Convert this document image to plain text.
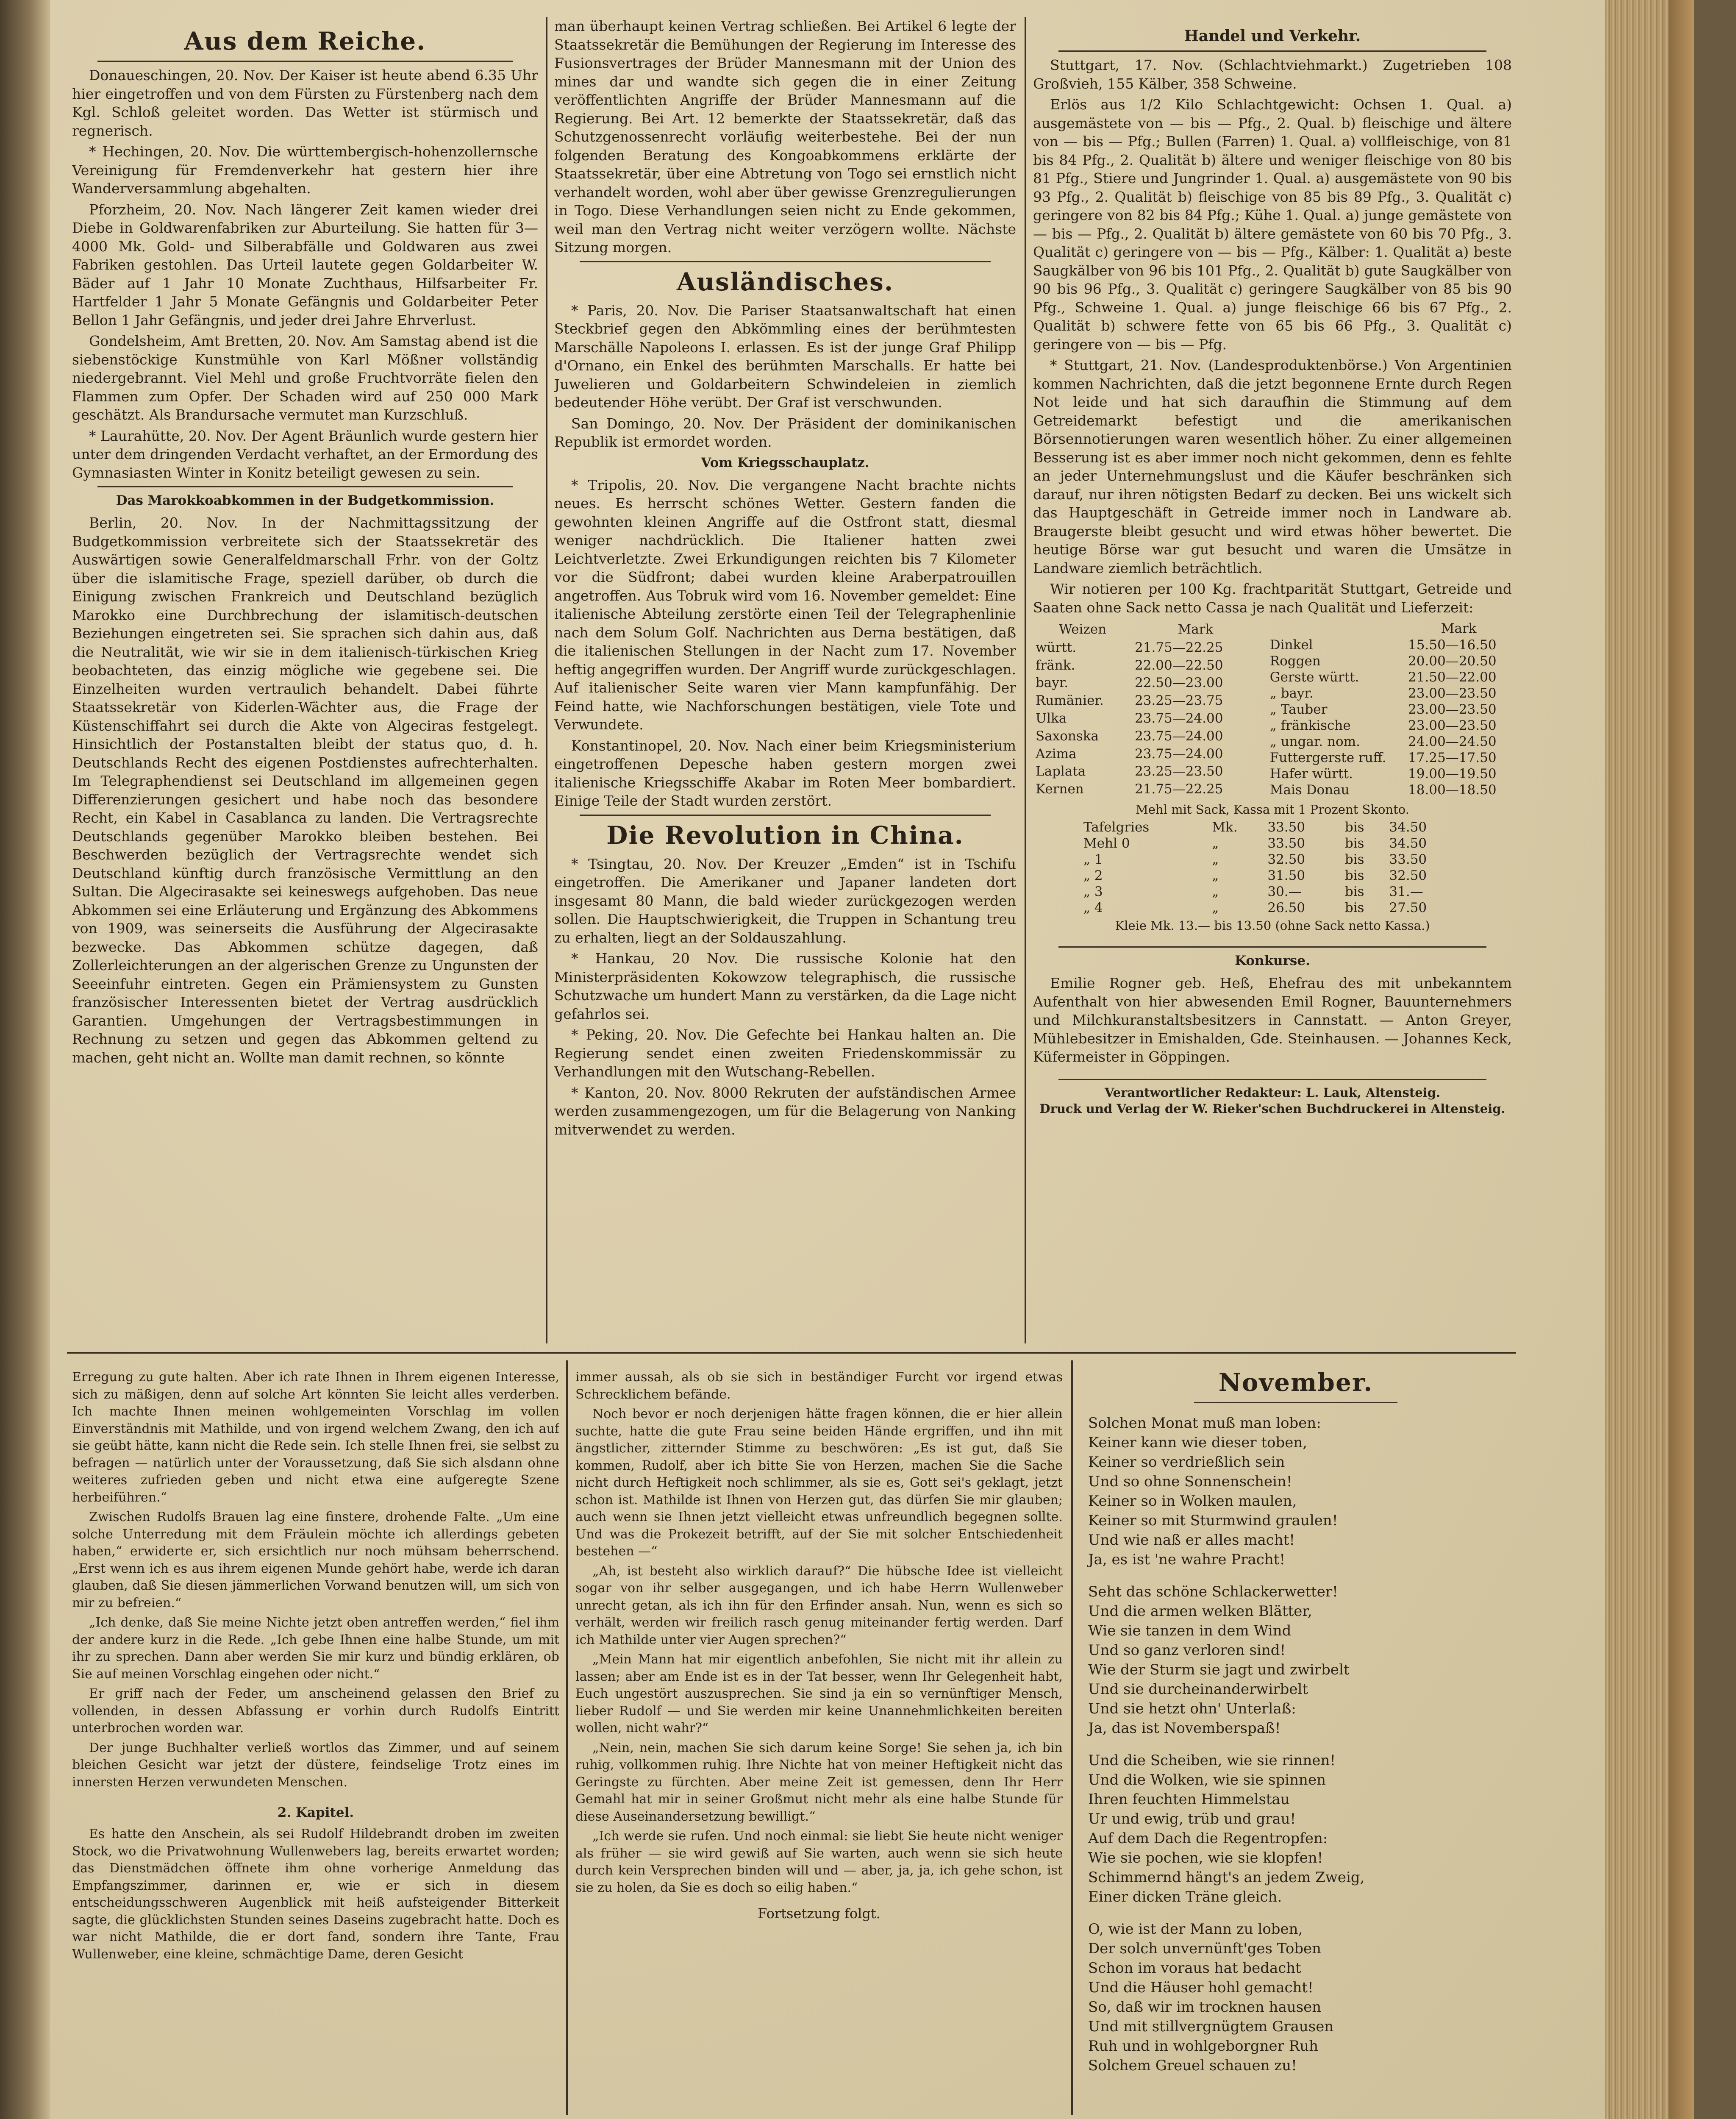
Aus dem Reiche.

Donaueschingen, 20. Nov. Der Kaiser ist heute abend 6.35 Uhr hier eingetroffen und von dem Fürsten zu Fürstenberg nach dem Kgl. Schloß geleitet worden. Das Wetter ist stürmisch und regnerisch.

* Hechingen, 20. Nov. Die württembergisch-hohenzollernsche Vereinigung für Fremdenverkehr hat gestern hier ihre Wanderversammlung abgehalten.

Pforzheim, 20. Nov. Nach längerer Zeit kamen wieder drei Diebe in Goldwarenfabriken zur Aburteilung. Sie hatten für 3—4000 Mk. Gold- und Silberabfälle und Goldwaren aus zwei Fabriken gestohlen. Das Urteil lautete gegen Goldarbeiter W. Bäder auf 1 Jahr 10 Monate Zuchthaus, Hilfsarbeiter Fr. Hartfelder 1 Jahr 5 Monate Gefängnis und Goldarbeiter Peter Bellon 1 Jahr Gefängnis, und jeder drei Jahre Ehrverlust.

Gondelsheim, Amt Bretten, 20. Nov. Am Samstag abend ist die siebenstöckige Kunstmühle von Karl Mößner vollständig niedergebrannt. Viel Mehl und große Fruchtvorräte fielen den Flammen zum Opfer. Der Schaden wird auf 250 000 Mark geschätzt. Als Brandursache vermutet man Kurzschluß.

* Laurahütte, 20. Nov. Der Agent Bräunlich wurde gestern hier unter dem dringenden Verdacht verhaftet, an der Ermordung des Gymnasiasten Winter in Konitz beteiligt gewesen zu sein.

Das Marokkoabkommen in der Budgetkommission.

Berlin, 20. Nov. In der Nachmittagssitzung der Budgetkommission verbreitete sich der Staatssekretär des Auswärtigen sowie Generalfeldmarschall Frhr. von der Goltz über die islamitische Frage, speziell darüber, ob durch die Einigung zwischen Frankreich und Deutschland bezüglich Marokko eine Durchbrechung der islamitisch-deutschen Beziehungen eingetreten sei. Sie sprachen sich dahin aus, daß die Neutralität, wie wir sie in dem italienisch-türkischen Krieg beobachteten, das einzig mögliche wie gegebene sei. Die Einzelheiten wurden vertraulich behandelt. Dabei führte Staatssekretär von Kiderlen-Wächter aus, die Frage der Küstenschiffahrt sei durch die Akte von Algeciras festgelegt. Hinsichtlich der Postanstalten bleibt der status quo, d. h. Deutschlands Recht des eigenen Postdienstes aufrechterhalten. Im Telegraphendienst sei Deutschland im allgemeinen gegen Differenzierungen gesichert und habe noch das besondere Recht, ein Kabel in Casablanca zu landen. Die Vertragsrechte Deutschlands gegenüber Marokko bleiben bestehen. Bei Beschwerden bezüglich der Vertragsrechte wendet sich Deutschland künftig durch französische Vermittlung an den Sultan. Die Algecirasakte sei keineswegs aufgehoben. Das neue Abkommen sei eine Erläuterung und Ergänzung des Abkommens von 1909, was seinerseits die Ausführung der Algecirasakte bezwecke. Das Abkommen schütze dagegen, daß Zollerleichterungen an der algerischen Grenze zu Ungunsten der Seeeinfuhr eintreten. Gegen ein Prämiensystem zu Gunsten französischer Interessenten bietet der Vertrag ausdrücklich Garantien. Umgehungen der Vertragsbestimmungen in Rechnung zu setzen und gegen das Abkommen geltend zu machen, geht nicht an. Wollte man damit rechnen, so könnte

man überhaupt keinen Vertrag schließen. Bei Artikel 6 legte der Staatssekretär die Bemühungen der Regierung im Interesse des Fusionsvertrages der Brüder Mannesmann mit der Union des mines dar und wandte sich gegen die in einer Zeitung veröffentlichten Angriffe der Brüder Mannesmann auf die Regierung. Bei Art. 12 bemerkte der Staatssekretär, daß das Schutzgenossenrecht vorläufig weiterbestehe. Bei der nun folgenden Beratung des Kongoabkommens erklärte der Staatssekretär, über eine Abtretung von Togo sei ernstlich nicht verhandelt worden, wohl aber über gewisse Grenzregulierungen in Togo. Diese Verhandlungen seien nicht zu Ende gekommen, weil man den Vertrag nicht weiter verzögern wollte. Nächste Sitzung morgen.

Ausländisches.

* Paris, 20. Nov. Die Pariser Staatsanwaltschaft hat einen Steckbrief gegen den Abkömmling eines der berühmtesten Marschälle Napoleons I. erlassen. Es ist der junge Graf Philipp d'Ornano, ein Enkel des berühmten Marschalls. Er hatte bei Juwelieren und Goldarbeitern Schwindeleien in ziemlich bedeutender Höhe verübt. Der Graf ist verschwunden.

San Domingo, 20. Nov. Der Präsident der dominikanischen Republik ist ermordet worden.

Vom Kriegsschauplatz.

* Tripolis, 20. Nov. Die vergangene Nacht brachte nichts neues. Es herrscht schönes Wetter. Gestern fanden die gewohnten kleinen Angriffe auf die Ostfront statt, diesmal weniger nachdrücklich. Die Italiener hatten zwei Leichtverletzte. Zwei Erkundigungen reichten bis 7 Kilometer vor die Südfront; dabei wurden kleine Araberpatrouillen angetroffen. Aus Tobruk wird vom 16. November gemeldet: Eine italienische Abteilung zerstörte einen Teil der Telegraphenlinie nach dem Solum Golf. Nachrichten aus Derna bestätigen, daß die italienischen Stellungen in der Nacht zum 17. November heftig angegriffen wurden. Der Angriff wurde zurückgeschlagen. Auf italienischer Seite waren vier Mann kampfunfähig. Der Feind hatte, wie Nachforschungen bestätigen, viele Tote und Verwundete.

Konstantinopel, 20. Nov. Nach einer beim Kriegsministerium eingetroffenen Depesche haben gestern morgen zwei italienische Kriegsschiffe Akabar im Roten Meer bombardiert. Einige Teile der Stadt wurden zerstört.

Die Revolution in China.

* Tsingtau, 20. Nov. Der Kreuzer „Emden“ ist in Tschifu eingetroffen. Die Amerikaner und Japaner landeten dort insgesamt 80 Mann, die bald wieder zurückgezogen werden sollen. Die Hauptschwierigkeit, die Truppen in Schantung treu zu erhalten, liegt an der Soldauszahlung.

* Hankau, 20 Nov. Die russische Kolonie hat den Ministerpräsidenten Kokowzow telegraphisch, die russische Schutzwache um hundert Mann zu verstärken, da die Lage nicht gefahrlos sei.

* Peking, 20. Nov. Die Gefechte bei Hankau halten an. Die Regierung sendet einen zweiten Friedenskommissär zu Verhandlungen mit den Wutschang-Rebellen.

* Kanton, 20. Nov. 8000 Rekruten der aufständischen Armee werden zusammengezogen, um für die Belagerung von Nanking mitverwendet zu werden.

Handel und Verkehr.

Stuttgart, 17. Nov. (Schlachtviehmarkt.) Zugetrieben 108 Großvieh, 155 Kälber, 358 Schweine.

Erlös aus 1/2 Kilo Schlachtgewicht: Ochsen 1. Qual. a) ausgemästete von — bis — Pfg., 2. Qual. b) fleischige und ältere von — bis — Pfg.; Bullen (Farren) 1. Qual. a) vollfleischige, von 81 bis 84 Pfg., 2. Qualität b) ältere und weniger fleischige von 80 bis 81 Pfg., Stiere und Jungrinder 1. Qual. a) ausgemästete von 90 bis 93 Pfg., 2. Qualität b) fleischige von 85 bis 89 Pfg., 3. Qualität c) geringere von 82 bis 84 Pfg.; Kühe 1. Qual. a) junge gemästete von — bis — Pfg., 2. Qualität b) ältere gemästete von 60 bis 70 Pfg., 3. Qualität c) geringere von — bis — Pfg., Kälber: 1. Qualität a) beste Saugkälber von 96 bis 101 Pfg., 2. Qualität b) gute Saugkälber von 90 bis 96 Pfg., 3. Qualität c) geringere Saugkälber von 85 bis 90 Pfg., Schweine 1. Qual. a) junge fleischige 66 bis 67 Pfg., 2. Qualität b) schwere fette von 65 bis 66 Pfg., 3. Qualität c) geringere von — bis — Pfg.

* Stuttgart, 21. Nov. (Landesproduktenbörse.) Von Argentinien kommen Nachrichten, daß die jetzt begonnene Ernte durch Regen Not leide und hat sich daraufhin die Stimmung auf dem Getreidemarkt befestigt und die amerikanischen Börsennotierungen waren wesentlich höher. Zu einer allgemeinen Besserung ist es aber immer noch nicht gekommen, denn es fehlte an jeder Unternehmungslust und die Käufer beschränken sich darauf, nur ihren nötigsten Bedarf zu decken. Bei uns wickelt sich das Hauptgeschäft in Getreide immer noch in Landware ab. Braugerste bleibt gesucht und wird etwas höher bewertet. Die heutige Börse war gut besucht und waren die Umsätze in Landware ziemlich beträchtlich.

Wir notieren per 100 Kg. frachtparität Stuttgart, Getreide und Saaten ohne Sack netto Cassa je nach Qualität und Lieferzeit:

Weizen	Mark
württ.	21.75—22.25
fränk.	22.00—22.50
bayr.	22.50—23.00
Rumänier.	23.25—23.75
Ulka	23.75—24.00
Saxonska	23.75—24.00
Azima	23.75—24.00
Laplata	23.25—23.50
Kernen	21.75—22.25
	Mark
Dinkel	15.50—16.50
Roggen	20.00—20.50
Gerste württ.	21.50—22.00
„ bayr.	23.00—23.50
„ Tauber	23.00—23.50
„ fränkische	23.00—23.50
„ ungar. nom.	24.00—24.50
Futtergerste ruff.	17.25—17.50
Hafer württ.	19.00—19.50
Mais Donau	18.00—18.50
Mehl mit Sack, Kassa mit 1 Prozent Skonto.
Tafelgries	Mk.	33.50	bis	34.50
Mehl 0	„	33.50	bis	34.50
„ 1	„	32.50	bis	33.50
„ 2	„	31.50	bis	32.50
„ 3	„	30.—	bis	31.—
„ 4	„	26.50	bis	27.50
Kleie Mk. 13.— bis 13.50 (ohne Sack netto Kassa.)
Konkurse.

Emilie Rogner geb. Heß, Ehefrau des mit unbekanntem Aufenthalt von hier abwesenden Emil Rogner, Bauunternehmers und Milchkuranstaltsbesitzers in Cannstatt. — Anton Greyer, Mühlebesitzer in Emishalden, Gde. Steinhausen. — Johannes Keck, Küfermeister in Göppingen.

Verantwortlicher Redakteur: L. Lauk, Altensteig.
Druck und Verlag der W. Rieker'schen Buchdruckerei in Altensteig.

Erregung zu gute halten. Aber ich rate Ihnen in Ihrem eigenen Interesse, sich zu mäßigen, denn auf solche Art könnten Sie leicht alles verderben. Ich machte Ihnen meinen wohlgemeinten Vorschlag im vollen Einverständnis mit Mathilde, und von irgend welchem Zwang, den ich auf sie geübt hätte, kann nicht die Rede sein. Ich stelle Ihnen frei, sie selbst zu befragen — natürlich unter der Voraussetzung, daß Sie sich alsdann ohne weiteres zufrieden geben und nicht etwa eine aufgeregte Szene herbeiführen.“

Zwischen Rudolfs Brauen lag eine finstere, drohende Falte. „Um eine solche Unterredung mit dem Fräulein möchte ich allerdings gebeten haben,“ erwiderte er, sich ersichtlich nur noch mühsam beherrschend. „Erst wenn ich es aus ihrem eigenen Munde gehört habe, werde ich daran glauben, daß Sie diesen jämmerlichen Vorwand benutzen will, um sich von mir zu befreien.“

„Ich denke, daß Sie meine Nichte jetzt oben antreffen werden,“ fiel ihm der andere kurz in die Rede. „Ich gebe Ihnen eine halbe Stunde, um mit ihr zu sprechen. Dann aber werden Sie mir kurz und bündig erklären, ob Sie auf meinen Vorschlag eingehen oder nicht.“

Er griff nach der Feder, um anscheinend gelassen den Brief zu vollenden, in dessen Abfassung er vorhin durch Rudolfs Eintritt unterbrochen worden war.

Der junge Buchhalter verließ wortlos das Zimmer, und auf seinem bleichen Gesicht war jetzt der düstere, feindselige Trotz eines im innersten Herzen verwundeten Menschen.

2. Kapitel.

Es hatte den Anschein, als sei Rudolf Hildebrandt droben im zweiten Stock, wo die Privatwohnung Wullenwebers lag, bereits erwartet worden; das Dienstmädchen öffnete ihm ohne vorherige Anmeldung das Empfangszimmer, darinnen er, wie er sich in diesem entscheidungsschweren Augenblick mit heiß aufsteigender Bitterkeit sagte, die glücklichsten Stunden seines Daseins zugebracht hatte. Doch es war nicht Mathilde, die er dort fand, sondern ihre Tante, Frau Wullenweber, eine kleine, schmächtige Dame, deren Gesicht

immer aussah, als ob sie sich in beständiger Furcht vor irgend etwas Schrecklichem befände.

Noch bevor er noch derjenigen hätte fragen können, die er hier allein suchte, hatte die gute Frau seine beiden Hände ergriffen, und ihn mit ängstlicher, zitternder Stimme zu beschwören: „Es ist gut, daß Sie kommen, Rudolf, aber ich bitte Sie von Herzen, machen Sie die Sache nicht durch Heftigkeit noch schlimmer, als sie es, Gott sei's geklagt, jetzt schon ist. Mathilde ist Ihnen von Herzen gut, das dürfen Sie mir glauben; auch wenn sie Ihnen jetzt vielleicht etwas unfreundlich begegnen sollte. Und was die Prokezeit betrifft, auf der Sie mit solcher Entschiedenheit bestehen —“

„Ah, ist besteht also wirklich darauf?“ Die hübsche Idee ist vielleicht sogar von ihr selber ausgegangen, und ich habe Herrn Wullenweber unrecht getan, als ich ihn für den Erfinder ansah. Nun, wenn es sich so verhält, werden wir freilich rasch genug miteinander fertig werden. Darf ich Mathilde unter vier Augen sprechen?“

„Mein Mann hat mir eigentlich anbefohlen, Sie nicht mit ihr allein zu lassen; aber am Ende ist es in der Tat besser, wenn Ihr Gelegenheit habt, Euch ungestört auszusprechen. Sie sind ja ein so vernünftiger Mensch, lieber Rudolf — und Sie werden mir keine Unannehmlichkeiten bereiten wollen, nicht wahr?“

„Nein, nein, machen Sie sich darum keine Sorge! Sie sehen ja, ich bin ruhig, vollkommen ruhig. Ihre Nichte hat von meiner Heftigkeit nicht das Geringste zu fürchten. Aber meine Zeit ist gemessen, denn Ihr Herr Gemahl hat mir in seiner Großmut nicht mehr als eine halbe Stunde für diese Auseinandersetzung bewilligt.“

„Ich werde sie rufen. Und noch einmal: sie liebt Sie heute nicht weniger als früher — sie wird gewiß auf Sie warten, auch wenn sie sich heute durch kein Versprechen binden will und — aber, ja, ja, ich gehe schon, ist sie zu holen, da Sie es doch so eilig haben.“

Fortsetzung folgt.
November.
Solchen Monat muß man loben:
Keiner kann wie dieser toben,
Keiner so verdrießlich sein
Und so ohne Sonnenschein!
Keiner so in Wolken maulen,
Keiner so mit Sturmwind graulen!
Und wie naß er alles macht!
Ja, es ist 'ne wahre Pracht!
Seht das schöne Schlackerwetter!
Und die armen welken Blätter,
Wie sie tanzen in dem Wind
Und so ganz verloren sind!
Wie der Sturm sie jagt und zwirbelt
Und sie durcheinanderwirbelt
Und sie hetzt ohn' Unterlaß:
Ja, das ist Novemberspaß!
Und die Scheiben, wie sie rinnen!
Und die Wolken, wie sie spinnen
Ihren feuchten Himmelstau
Ur und ewig, trüb und grau!
Auf dem Dach die Regentropfen:
Wie sie pochen, wie sie klopfen!
Schimmernd hängt's an jedem Zweig,
Einer dicken Träne gleich.
O, wie ist der Mann zu loben,
Der solch unvernünft'ges Toben
Schon im voraus hat bedacht
Und die Häuser hohl gemacht!
So, daß wir im trocknen hausen
Und mit stillvergnügtem Grausen
Ruh und in wohlgeborgner Ruh
Solchem Greuel schauen zu!
